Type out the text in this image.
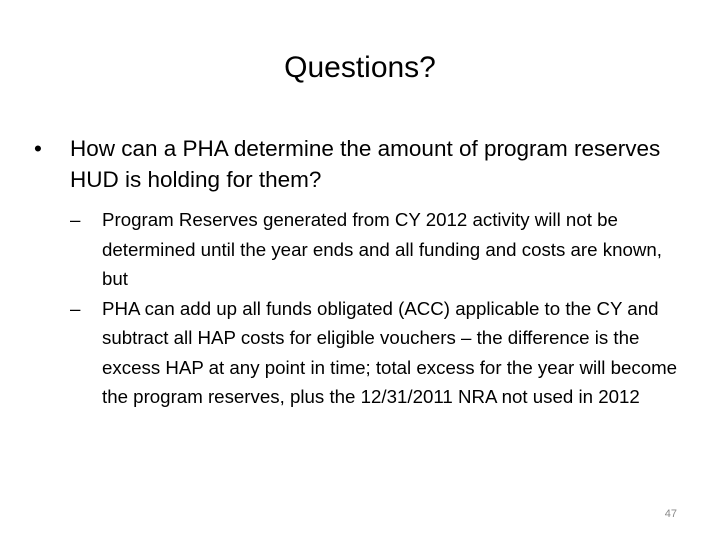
Questions?
•	How can a PHA determine the amount of program reserves HUD is holding for them?
–	Program Reserves generated from CY 2012 activity will not be determined until the year ends and all funding and costs are known, but
–	PHA can add up all funds obligated (ACC) applicable to the CY and subtract all HAP costs for eligible vouchers – the difference is the excess HAP at any point in time; total excess for the year will become the program reserves, plus the 12/31/2011 NRA not used in 2012
47
